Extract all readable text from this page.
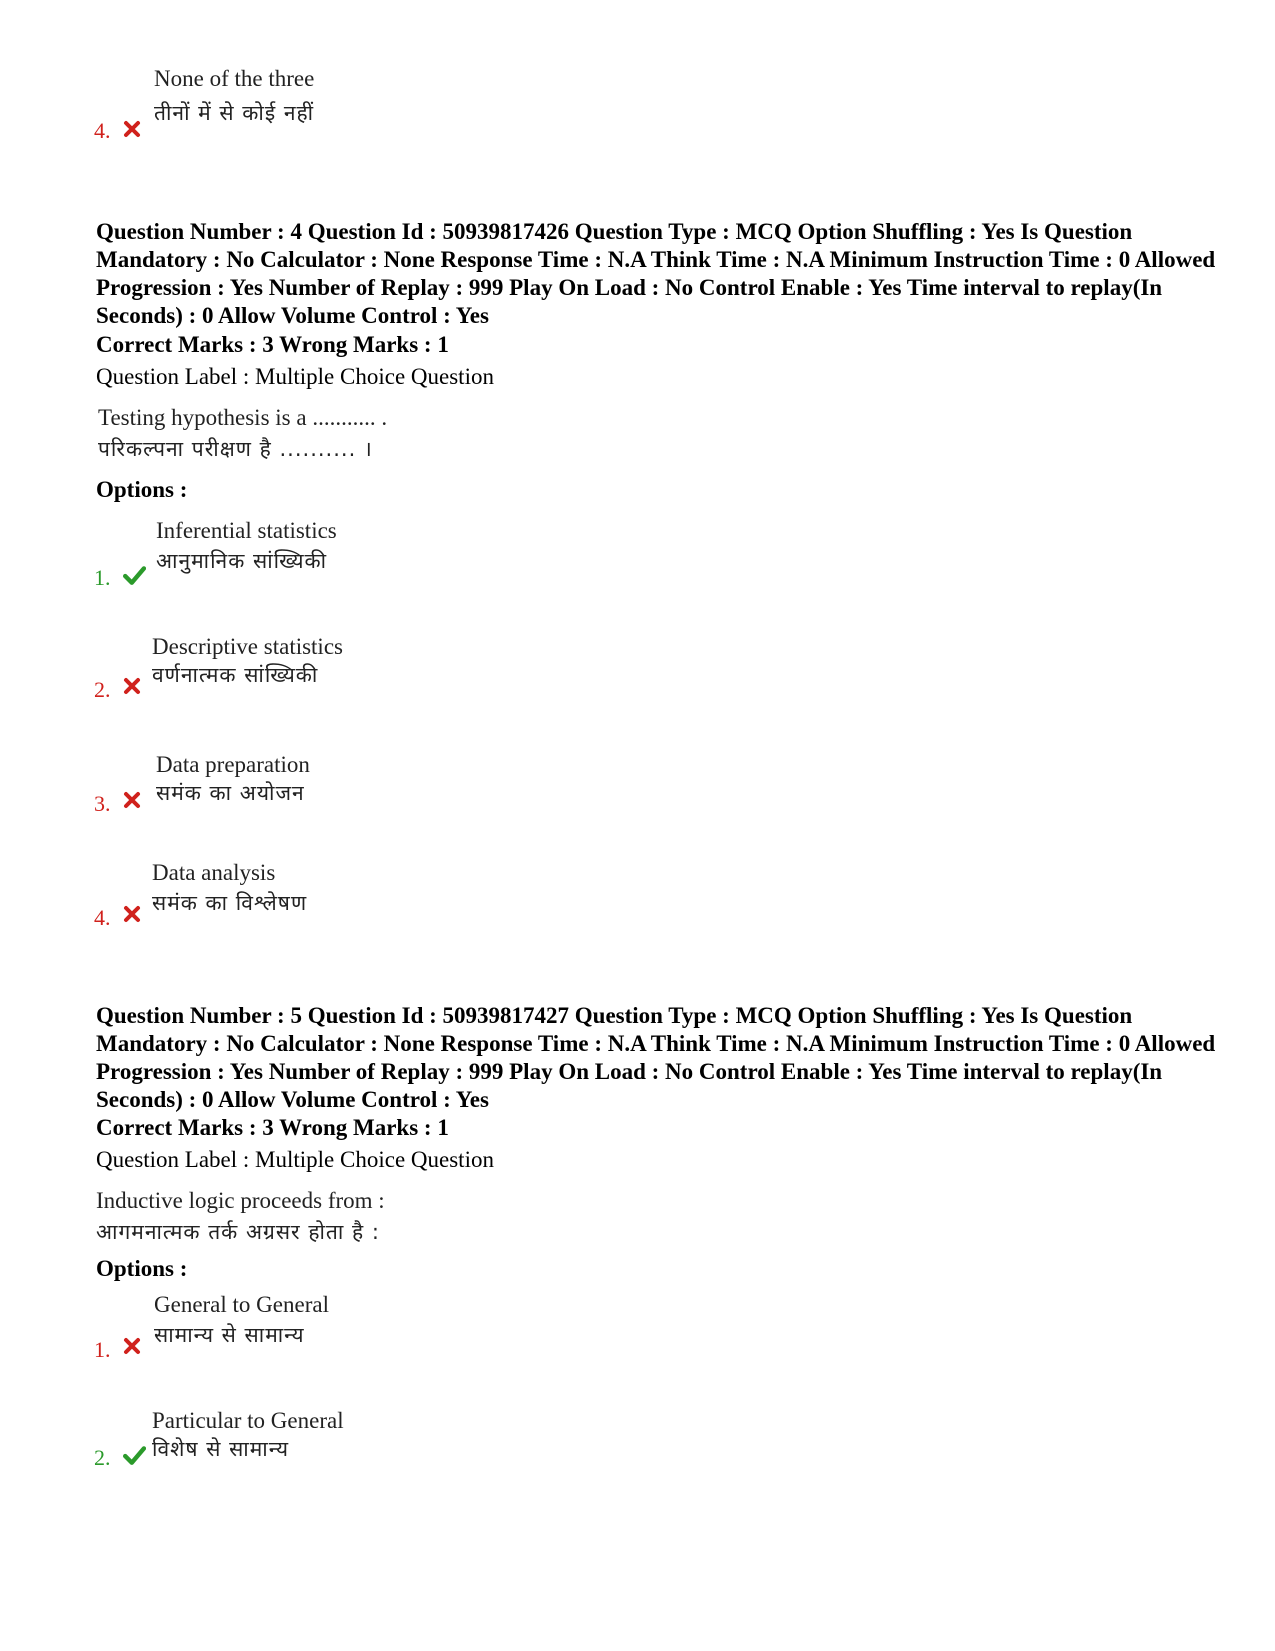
4.
None of the three
तीनों में से कोई नहीं
Question Number : 4 Question Id : 50939817426 Question Type : MCQ Option Shuffling : Yes Is Question Mandatory : No Calculator : None Response Time : N.A Think Time : N.A Minimum Instruction Time : 0 Allowed Progression : Yes Number of Replay : 999 Play On Load : No Control Enable : Yes Time interval to replay(In Seconds) : 0 Allow Volume Control : Yes
Correct Marks : 3 Wrong Marks : 1
Question Label : Multiple Choice Question
Testing hypothesis is a ........... .
परिकल्पना परीक्षण है .......... ।
Options :
1.
Inferential statistics
आनुमानिक सांख्यिकी
2.
Descriptive statistics
वर्णनात्मक सांख्यिकी
3.
Data preparation
समंक का अयोजन
4.
Data analysis
समंक का विश्लेषण
Question Number : 5 Question Id : 50939817427 Question Type : MCQ Option Shuffling : Yes Is Question Mandatory : No Calculator : None Response Time : N.A Think Time : N.A Minimum Instruction Time : 0 Allowed Progression : Yes Number of Replay : 999 Play On Load : No Control Enable : Yes Time interval to replay(In Seconds) : 0 Allow Volume Control : Yes
Correct Marks : 3 Wrong Marks : 1
Question Label : Multiple Choice Question
Inductive logic proceeds from :
आगमनात्मक तर्क अग्रसर होता है :
Options :
1.
General to General
सामान्य से सामान्य
2.
Particular to General
विशेष से सामान्य
